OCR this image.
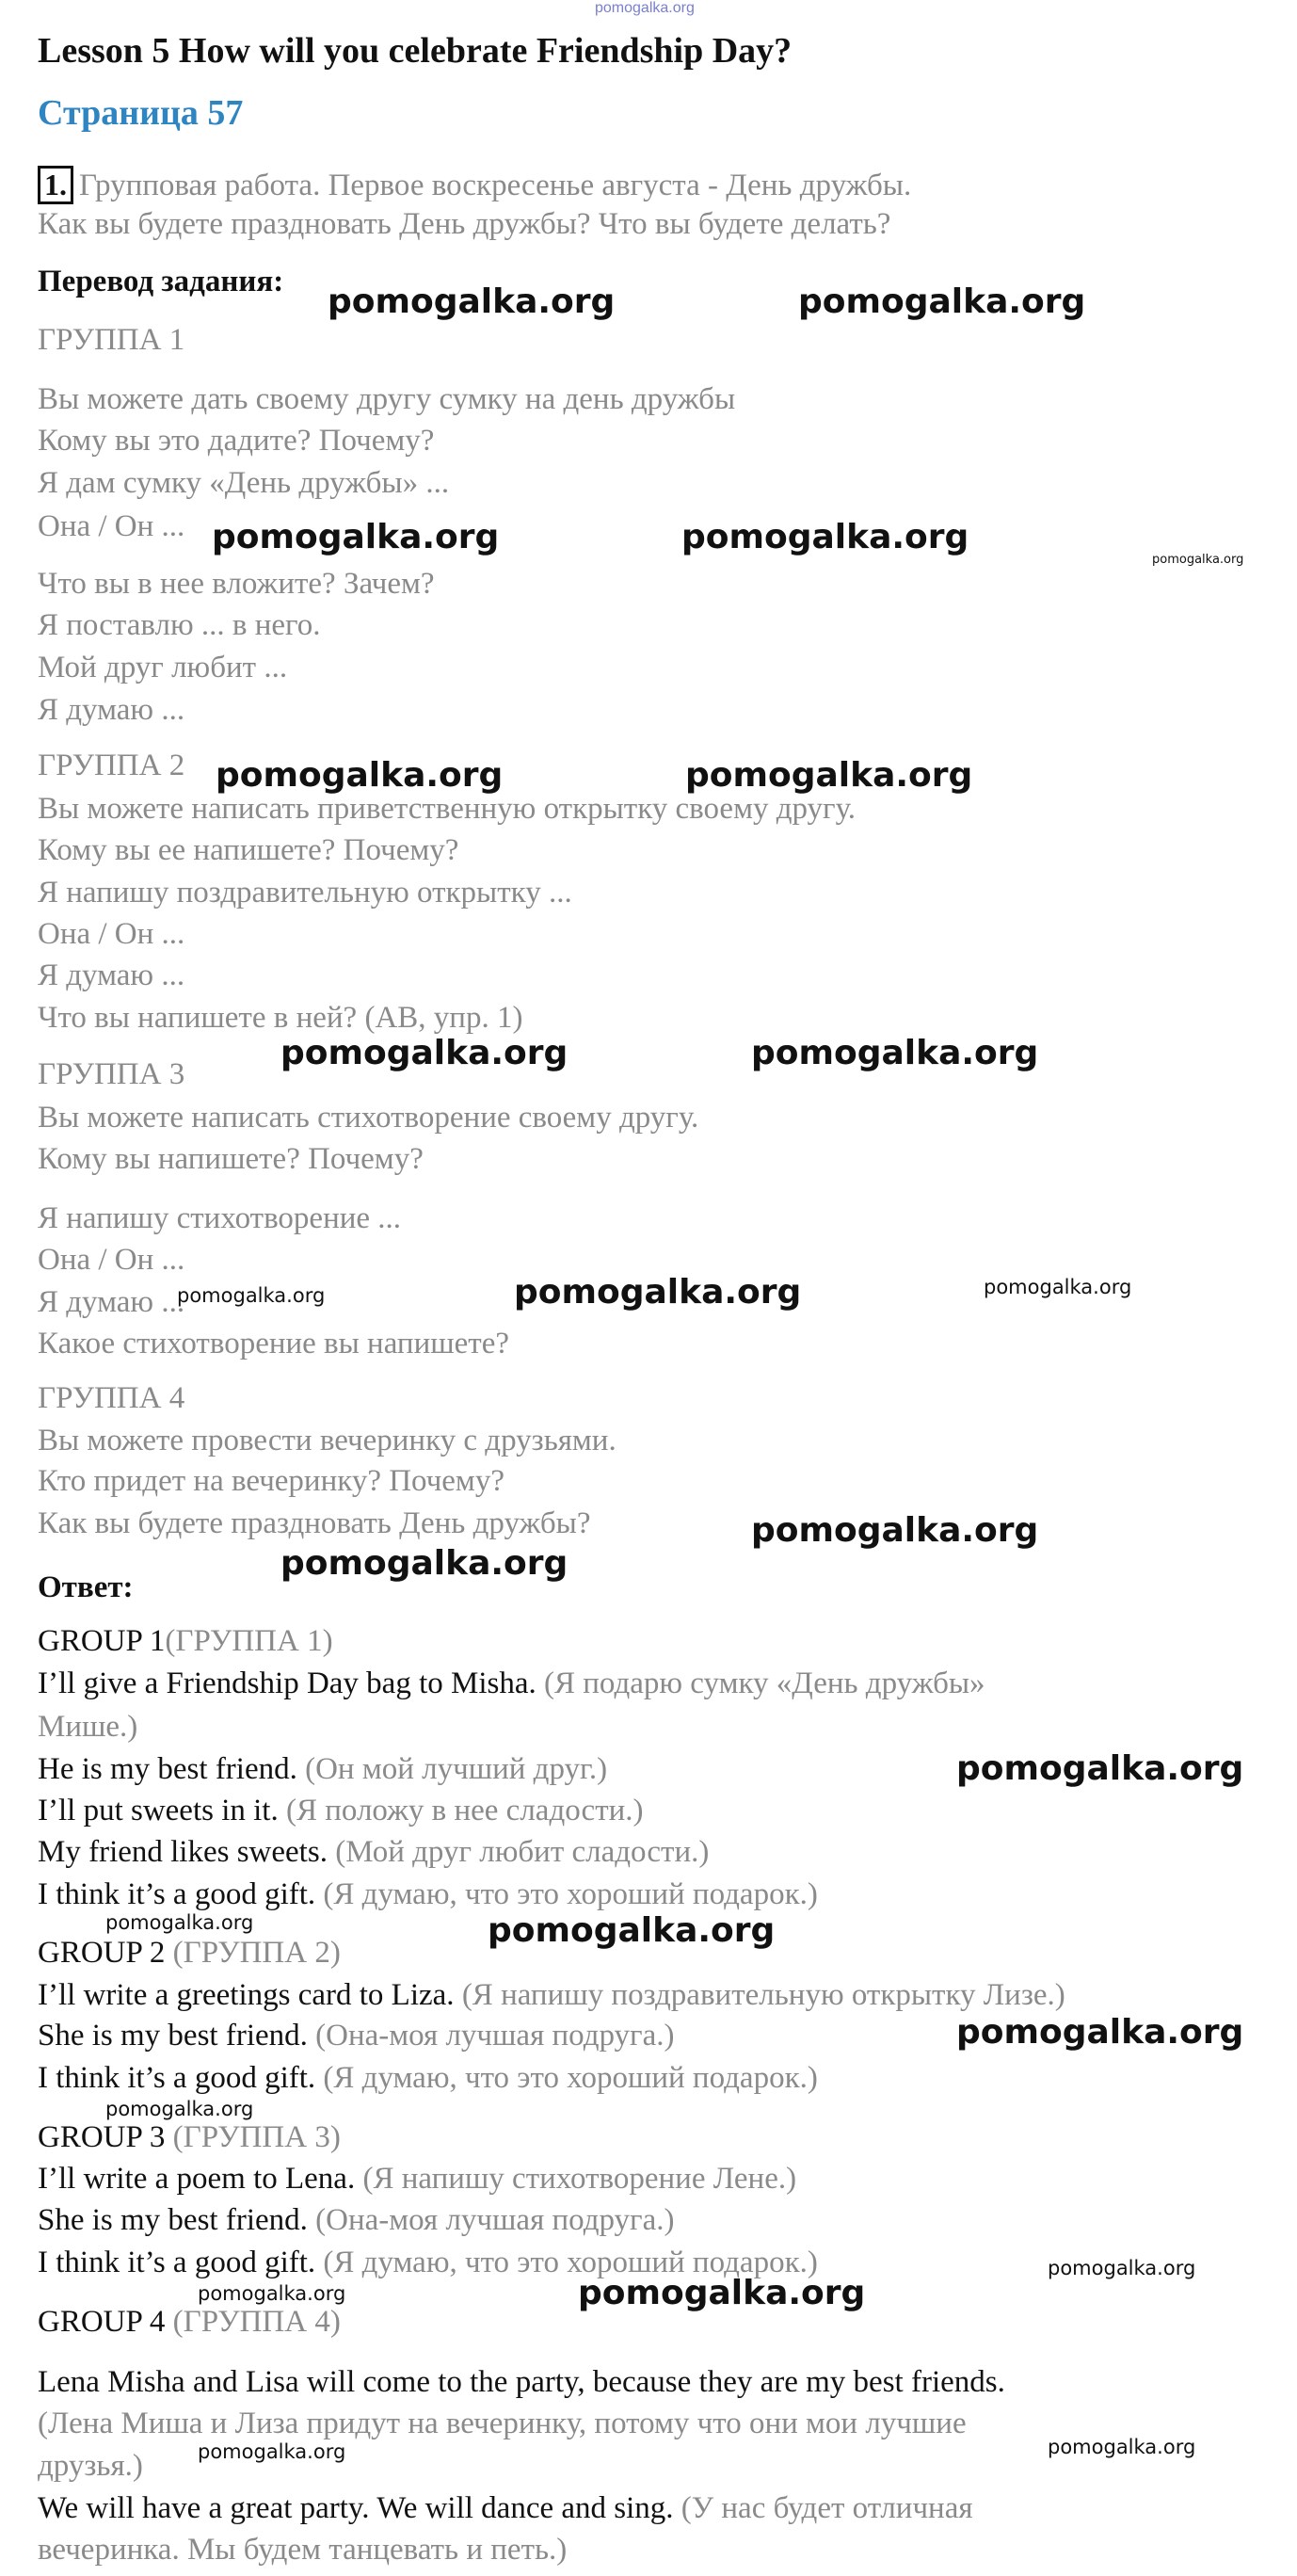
pomogalka.org
Lesson 5 How will you celebrate Friendship Day?
Страница 57
1. Групповая работа. Первое воскресенье августа - День дружбы.
Как вы будете праздновать День дружбы? Что вы будете делать?
Перевод задания:
ГРУППА 1
Вы можете дать своему другу сумку на день дружбы
Кому вы это дадите? Почему?
Я дам сумку «День дружбы» ...
Она / Он ...
Что вы в нее вложите? Зачем?
Я поставлю ... в него.
Мой друг любит ...
Я думаю ...
ГРУППА 2
Вы можете написать приветственную открытку своему другу.
Кому вы ее напишете? Почему?
Я напишу поздравительную открытку ...
Она / Он ...
Я думаю ...
Что вы напишете в ней? (АВ, упр. 1)
ГРУППА 3
Вы можете написать стихотворение своему другу.
Кому вы напишете? Почему?
Я напишу стихотворение ...
Она / Он ...
Я думаю ...
Какое стихотворение вы напишете?
ГРУППА 4
Вы можете провести вечеринку с друзьями.
Кто придет на вечеринку? Почему?
Как вы будете праздновать День дружбы?
Ответ:
GROUP 1(ГРУППА 1)
I’ll give a Friendship Day bag to Misha. (Я подарю сумку «День дружбы»
Мише.)
He is my best friend. (Он мой лучший друг.)
I’ll put sweets in it. (Я положу в нее сладости.)
My friend likes sweets. (Мой друг любит сладости.)
I think it’s a good gift. (Я думаю, что это хороший подарок.)
GROUP 2 (ГРУППА 2)
I’ll write a greetings card to Liza. (Я напишу поздравительную открытку Лизе.)
She is my best friend. (Она-моя лучшая подруга.)
I think it’s a good gift. (Я думаю, что это хороший подарок.)
GROUP 3 (ГРУППА 3)
I’ll write a poem to Lena. (Я напишу стихотворение Лене.)
She is my best friend. (Она-моя лучшая подруга.)
I think it’s a good gift. (Я думаю, что это хороший подарок.)
GROUP 4 (ГРУППА 4)
Lena Misha and Lisa will come to the party, because they are my best friends.
(Лена Миша и Лиза придут на вечеринку, потому что они мои лучшие
друзья.)
We will have a great party. We will dance and sing. (У нас будет отличная
вечеринка. Мы будем танцевать и петь.)
pomogalka.org	pomogalka.org
pomogalka.org	pomogalka.org
pomogalka.org
pomogalka.org	pomogalka.org
pomogalka.org	pomogalka.org
pomogalka.org	pomogalka.org	pomogalka.org
pomogalka.org
pomogalka.org
pomogalka.org
pomogalka.org	pomogalka.org
pomogalka.org
pomogalka.org
pomogalka.org
pomogalka.org	pomogalka.org
pomogalka.org
pomogalka.org
